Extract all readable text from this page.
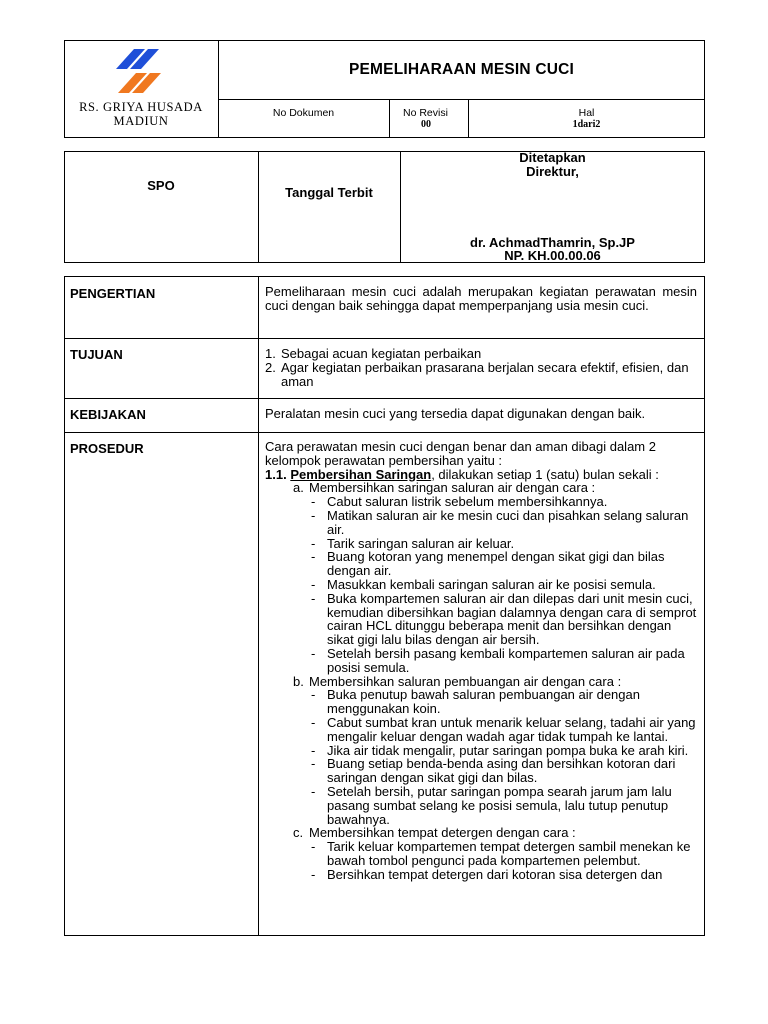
RS. GRIYA HUSADA
MADIUN
PEMELIHARAAN MESIN CUCI
No Dokumen	No Revisi
00
Hal
1dari2
SPO	Tanggal Terbit
Ditetapkan
Direktur,
dr. AchmadThamrin, Sp.JP
NP. KH.00.00.06
PENGERTIAN	Pemeliharaan mesin cuci adalah merupakan kegiatan perawatan mesin cuci dengan baik sehingga dapat memperpanjang usia mesin cuci.
TUJUAN	1. Sebagai acuan kegiatan perbaikan
2. Agar kegiatan perbaikan prasarana berjalan secara efektif, efisien, dan aman
KEBIJAKAN	Peralatan mesin cuci yang tersedia dapat digunakan dengan baik.
PROSEDUR	Cara perawatan mesin cuci dengan benar dan aman dibagi dalam 2 kelompok perawatan pembersihan yaitu :
1.1. Pembersihan Saringan, dilakukan setiap 1 (satu) bulan sekali :
a. Membersihkan saringan saluran air dengan cara :
- Cabut saluran listrik sebelum membersihkannya.
- Matikan saluran air ke mesin cuci dan pisahkan selang saluran air.
- Tarik saringan saluran air keluar.
- Buang kotoran yang menempel dengan sikat gigi dan bilas dengan air.
- Masukkan kembali saringan saluran air ke posisi semula.
- Buka kompartemen saluran air dan dilepas dari unit mesin cuci, kemudian dibersihkan bagian dalamnya dengan cara di semprot cairan HCL ditunggu beberapa menit dan bersihkan dengan sikat gigi lalu bilas dengan air bersih.
- Setelah bersih pasang kembali kompartemen saluran air pada posisi semula.
b. Membersihkan saluran pembuangan air dengan cara :
- Buka penutup bawah saluran pembuangan air dengan menggunakan koin.
- Cabut sumbat kran untuk menarik keluar selang, tadahi air yang mengalir keluar dengan wadah agar tidak tumpah ke lantai.
- Jika air tidak mengalir, putar saringan pompa buka ke arah kiri.
- Buang setiap benda-benda asing dan bersihkan kotoran dari saringan dengan sikat gigi dan bilas.
- Setelah bersih, putar saringan pompa searah jarum jam lalu pasang sumbat selang ke posisi semula, lalu tutup penutup bawahnya.
c. Membersihkan tempat detergen dengan cara :
- Tarik keluar kompartemen tempat detergen sambil menekan ke bawah tombol pengunci pada kompartemen pelembut.
- Bersihkan tempat detergen dari kotoran sisa detergen dan
